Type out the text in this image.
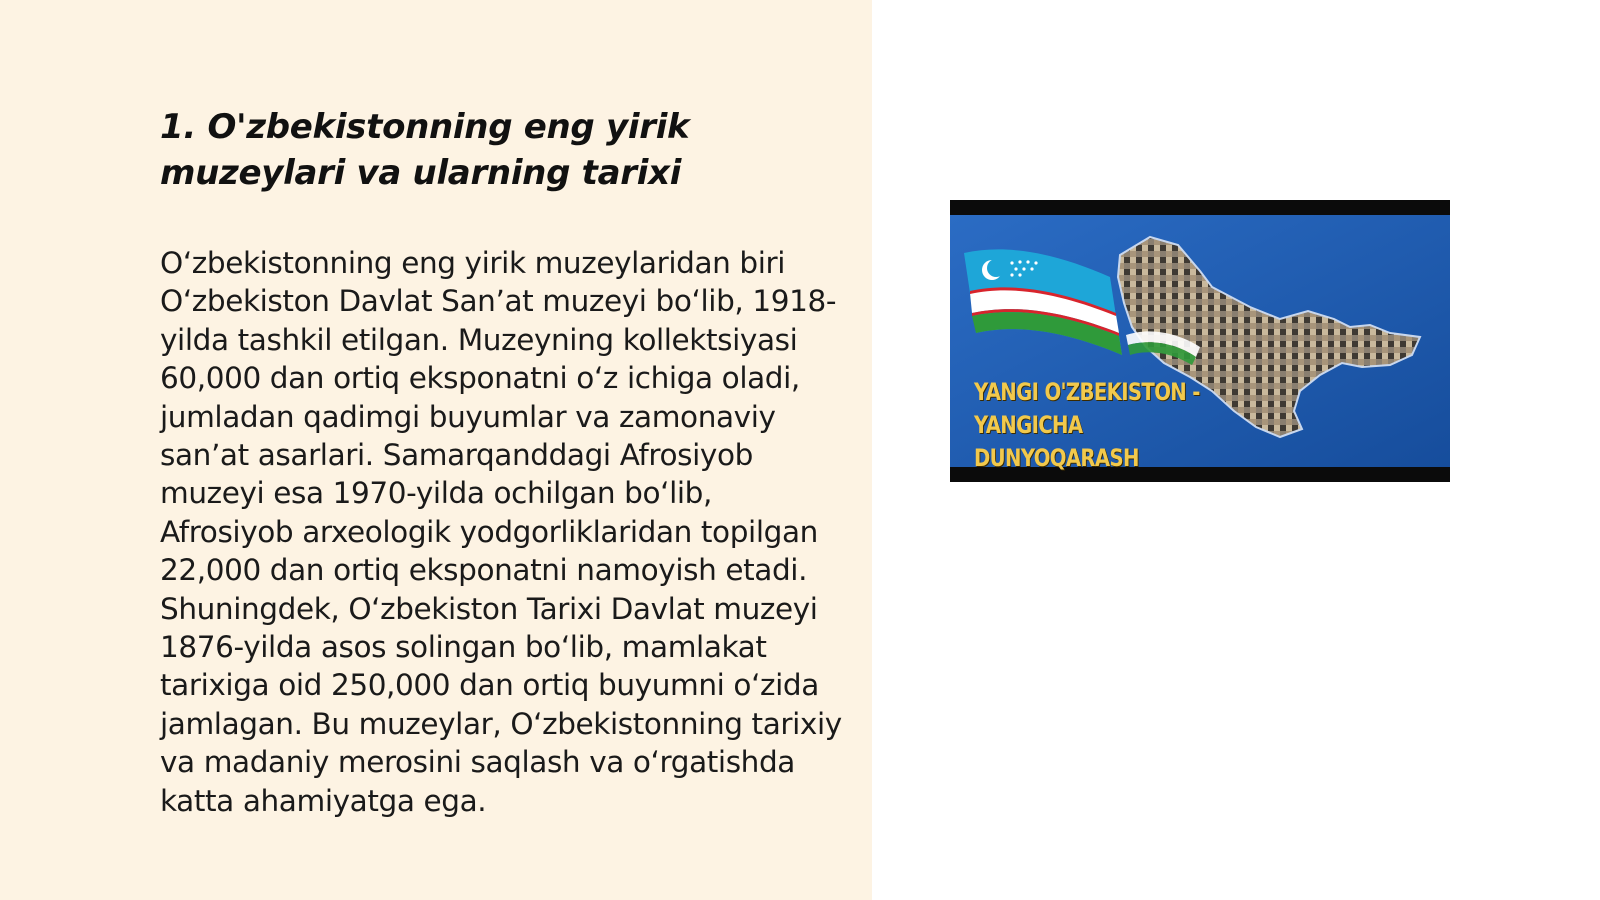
1. O'zbekistonning eng yirik muzeylari va ularning tarixi

O‘zbekistonning eng yirik muzeylaridan biri O‘zbekiston Davlat San’at muzeyi bo‘lib, 1918-yilda tashkil etilgan. Muzeyning kollektsiyasi 60,000 dan ortiq eksponatni o‘z ichiga oladi, jumladan qadimgi buyumlar va zamonaviy san’at asarlari. Samarqanddagi Afrosiyob muzeyi esa 1970-yilda ochilgan bo‘lib, Afrosiyob arxeologik yodgorliklaridan topilgan 22,000 dan ortiq eksponatni namoyish etadi. Shuningdek, O‘zbekiston Tarixi Davlat muzeyi 1876-yilda asos solingan bo‘lib, mamlakat tarixiga oid 250,000 dan ortiq buyumni o‘zida jamlagan. Bu muzeylar, O‘zbekistonning tarixiy va madaniy merosini saqlash va o‘rgatishda katta ahamiyatga ega.

YANGI O'ZBEKISTON -
YANGICHA DUNYOQARASH
